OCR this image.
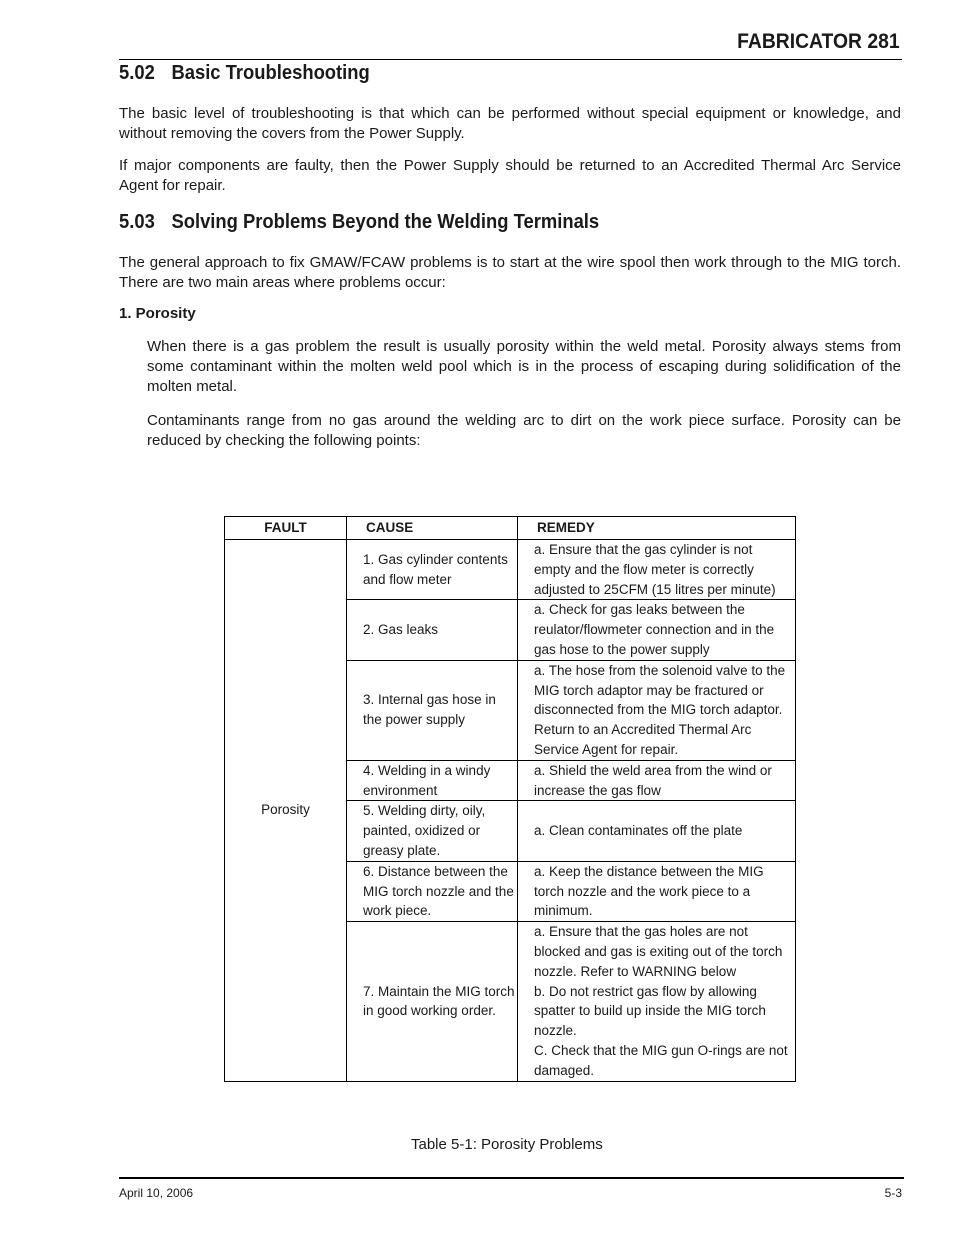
FABRICATOR 281
5.02 Basic Troubleshooting

The basic level of troubleshooting is that which can be performed without special equipment or knowledge, and without removing the covers from the Power Supply.

If major components are faulty, then the Power Supply should be returned to an Accredited Thermal Arc Service Agent for repair.

5.03 Solving Problems Beyond the Welding Terminals

The general approach to fix GMAW/FCAW problems is to start at the wire spool then work through to the MIG torch. There are two main areas where problems occur:

1. Porosity

When there is a gas problem the result is usually porosity within the weld metal. Porosity always stems from some contaminant within the molten weld pool which is in the process of escaping during solidification of the molten metal.

Contaminants range from no gas around the welding arc to dirt on the work piece surface. Porosity can be reduced by checking the following points:

FAULT	CAUSE	REMEDY
Porosity	1. Gas cylinder contents and flow meter	a. Ensure that the gas cylinder is not empty and the flow meter is correctly adjusted to 25CFM (15 litres per minute)
	2. Gas leaks	a. Check for gas leaks between the reulator/flowmeter connection and in the gas hose to the power supply
	3. Internal gas hose in the power supply	a. The hose from the solenoid valve to the MIG torch adaptor may be fractured or disconnected from the MIG torch adaptor. Return to an Accredited Thermal Arc Service Agent for repair.
	4. Welding in a windy environment	a. Shield the weld area from the wind or increase the gas flow
	5. Welding dirty, oily, painted, oxidized or greasy plate.	a. Clean contaminates off the plate
	6. Distance between the MIG torch nozzle and the work piece.	a. Keep the distance between the MIG torch nozzle and the work piece to a minimum.
	7. Maintain the MIG torch in good working order.	a. Ensure that the gas holes are not blocked and gas is exiting out of the torch nozzle. Refer to WARNING below
b. Do not restrict gas flow by allowing spatter to build up inside the MIG torch nozzle.
C. Check that the MIG gun O-rings are not damaged.

Table 5-1: Porosity Problems

April 10, 2006	5-3
